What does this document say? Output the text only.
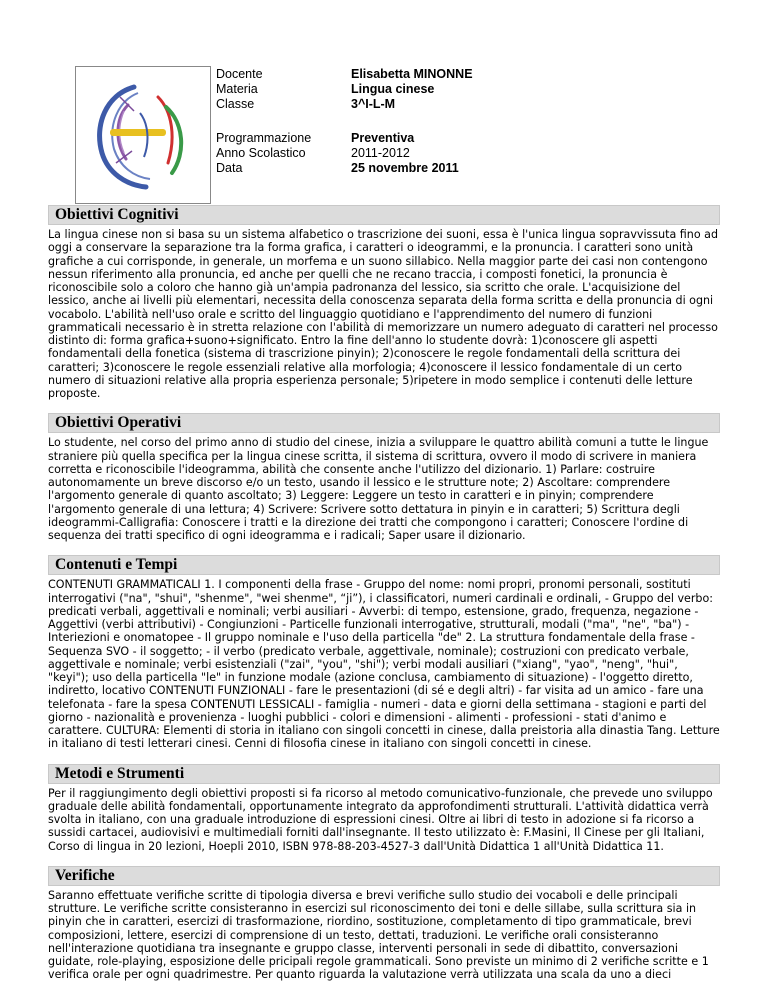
Docente
Materia
Classe
Programmazione
Anno Scolastico
Data
Elisabetta MINONNE
Lingua cinese
3^I-L-M
Preventiva
2011-2012
25 novembre 2011
Obiettivi Cognitivi

La lingua cinese non si basa su un sistema alfabetico o trascrizione dei suoni, essa è l'unica lingua sopravvissuta fino ad oggi a conservare la separazione tra la forma grafica, i caratteri o ideogrammi, e la pronuncia. I caratteri sono unità grafiche a cui corrisponde, in generale, un morfema e un suono sillabico. Nella maggior parte dei casi non contengono nessun riferimento alla pronuncia, ed anche per quelli che ne recano traccia, i composti fonetici, la pronuncia è riconoscibile solo a coloro che hanno già un'ampia padronanza del lessico, sia scritto che orale. L'acquisizione del lessico, anche ai livelli più elementari, necessita della conoscenza separata della forma scritta e della pronuncia di ogni vocabolo. L'abilità nell'uso orale e scritto del linguaggio quotidiano e l'apprendimento del numero di funzioni grammaticali necessario è in stretta relazione con l'abilità di memorizzare un numero adeguato di caratteri nel processo distinto di: forma grafica+suono+significato. Entro la fine dell'anno lo studente dovrà: 1)conoscere gli aspetti fondamentali della fonetica (sistema di trascrizione pinyin); 2)conoscere le regole fondamentali della scrittura dei caratteri; 3)conoscere le regole essenziali relative alla morfologia; 4)conoscere il lessico fondamentale di un certo numero di situazioni relative alla propria esperienza personale; 5)ripetere in modo semplice i contenuti delle letture proposte.

Obiettivi Operativi

Lo studente, nel corso del primo anno di studio del cinese, inizia a sviluppare le quattro abilità comuni a tutte le lingue straniere più quella specifica per la lingua cinese scritta, il sistema di scrittura, ovvero il modo di scrivere in maniera corretta e riconoscibile l'ideogramma, abilità che consente anche l'utilizzo del dizionario. 1) Parlare: costruire autonomamente un breve discorso e/o un testo, usando il lessico e le strutture note; 2) Ascoltare: comprendere l'argomento generale di quanto ascoltato; 3) Leggere: Leggere un testo in caratteri e in pinyin; comprendere l'argomento generale di una lettura; 4) Scrivere: Scrivere sotto dettatura in pinyin e in caratteri; 5) Scrittura degli ideogrammi-Calligrafia: Conoscere i tratti e la direzione dei tratti che compongono i caratteri; Conoscere l'ordine di sequenza dei tratti specifico di ogni ideogramma e i radicali; Saper usare il dizionario.

Contenuti e Tempi

CONTENUTI GRAMMATICALI 1. I componenti della frase - Gruppo del nome: nomi propri, pronomi personali, sostituti interrogativi ("na", "shui", "shenme", "wei shenme", “ji”), i classificatori, numeri cardinali e ordinali, - Gruppo del verbo: predicati verbali, aggettivali e nominali; verbi ausiliari - Avverbi: di tempo, estensione, grado, frequenza, negazione - Aggettivi (verbi attributivi) - Congiunzioni - Particelle funzionali interrogative, strutturali, modali ("ma", "ne", "ba") - Interiezioni e onomatopee - Il gruppo nominale e l'uso della particella "de" 2. La struttura fondamentale della frase - Sequenza SVO - il soggetto; - il verbo (predicato verbale, aggettivale, nominale); costruzioni con predicato verbale, aggettivale e nominale; verbi esistenziali ("zai", "you", "shi"); verbi modali ausiliari ("xiang", "yao", "neng", "hui", "keyi"); uso della particella "le" in funzione modale (azione conclusa, cambiamento di situazione) - l'oggetto diretto, indiretto, locativo CONTENUTI FUNZIONALI - fare le presentazioni (di sé e degli altri) - far visita ad un amico - fare una telefonata - fare la spesa CONTENUTI LESSICALI - famiglia - numeri - data e giorni della settimana - stagioni e parti del giorno - nazionalità e provenienza - luoghi pubblici - colori e dimensioni - alimenti - professioni - stati d'animo e carattere. CULTURA: Elementi di storia in italiano con singoli concetti in cinese, dalla preistoria alla dinastia Tang. Letture in italiano di testi letterari cinesi. Cenni di filosofia cinese in italiano con singoli concetti in cinese.

Metodi e Strumenti

Per il raggiungimento degli obiettivi proposti si fa ricorso al metodo comunicativo-funzionale, che prevede uno sviluppo graduale delle abilità fondamentali, opportunamente integrato da approfondimenti strutturali. L'attività didattica verrà svolta in italiano, con una graduale introduzione di espressioni cinesi. Oltre ai libri di testo in adozione si fa ricorso a sussidi cartacei, audiovisivi e multimediali forniti dall'insegnante. Il testo utilizzato è: F.Masini, Il Cinese per gli Italiani, Corso di lingua in 20 lezioni, Hoepli 2010, ISBN 978-88-203-4527-3 dall'Unità Didattica 1 all'Unità Didattica 11.

Verifiche

Saranno effettuate verifiche scritte di tipologia diversa e brevi verifiche sullo studio dei vocaboli e delle principali strutture. Le verifiche scritte consisteranno in esercizi sul riconoscimento dei toni e delle sillabe, sulla scrittura sia in pinyin che in caratteri, esercizi di trasformazione, riordino, sostituzione, completamento di tipo grammaticale, brevi composizioni, lettere, esercizi di comprensione di un testo, dettati, traduzioni. Le verifiche orali consisteranno nell'interazione quotidiana tra insegnante e gruppo classe, interventi personali in sede di dibattito, conversazioni guidate, role-playing, esposizione delle pricipali regole grammaticali. Sono previste un minimo di 2 verifiche scritte e 1 verifica orale per ogni quadrimestre. Per quanto riguarda la valutazione verrà utilizzata una scala da uno a dieci
